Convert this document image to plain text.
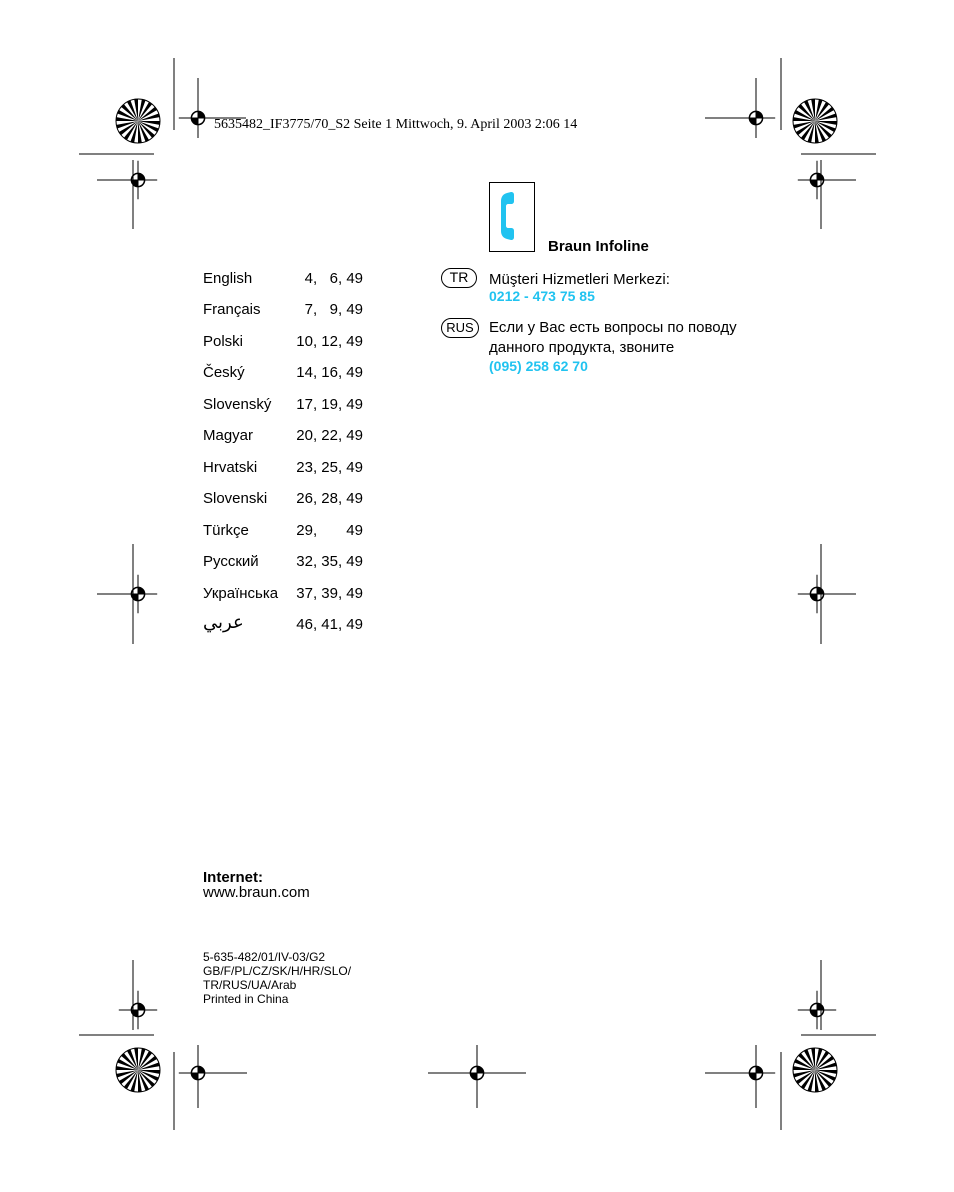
5635482_IF3775/70_S2 Seite 1 Mittwoch, 9. April 2003 2:06 14
English	4,   6, 49
Français	7,   9, 49
Polski	10, 12, 49
Český	14, 16, 49
Slovenský 17, 19, 49
Magyar	20, 22, 49
Hrvatski	23, 25, 49
Slovenski 26, 28, 49
Türkçe	29,       49
Русский	32, 35, 49
Українська 37, 39, 49
عربي	46, 41, 49
Braun Infoline
TR	Müşteri Hizmetleri Merkezi:
0212 - 473 75 85
RUS	Если у Вас есть вопросы по поводу
данного продукта, звоните
(095) 258 62 70
Internet:
www.braun.com
5-635-482/01/IV-03/G2
GB/F/PL/CZ/SK/H/HR/SLO/
TR/RUS/UA/Arab
Printed in China
